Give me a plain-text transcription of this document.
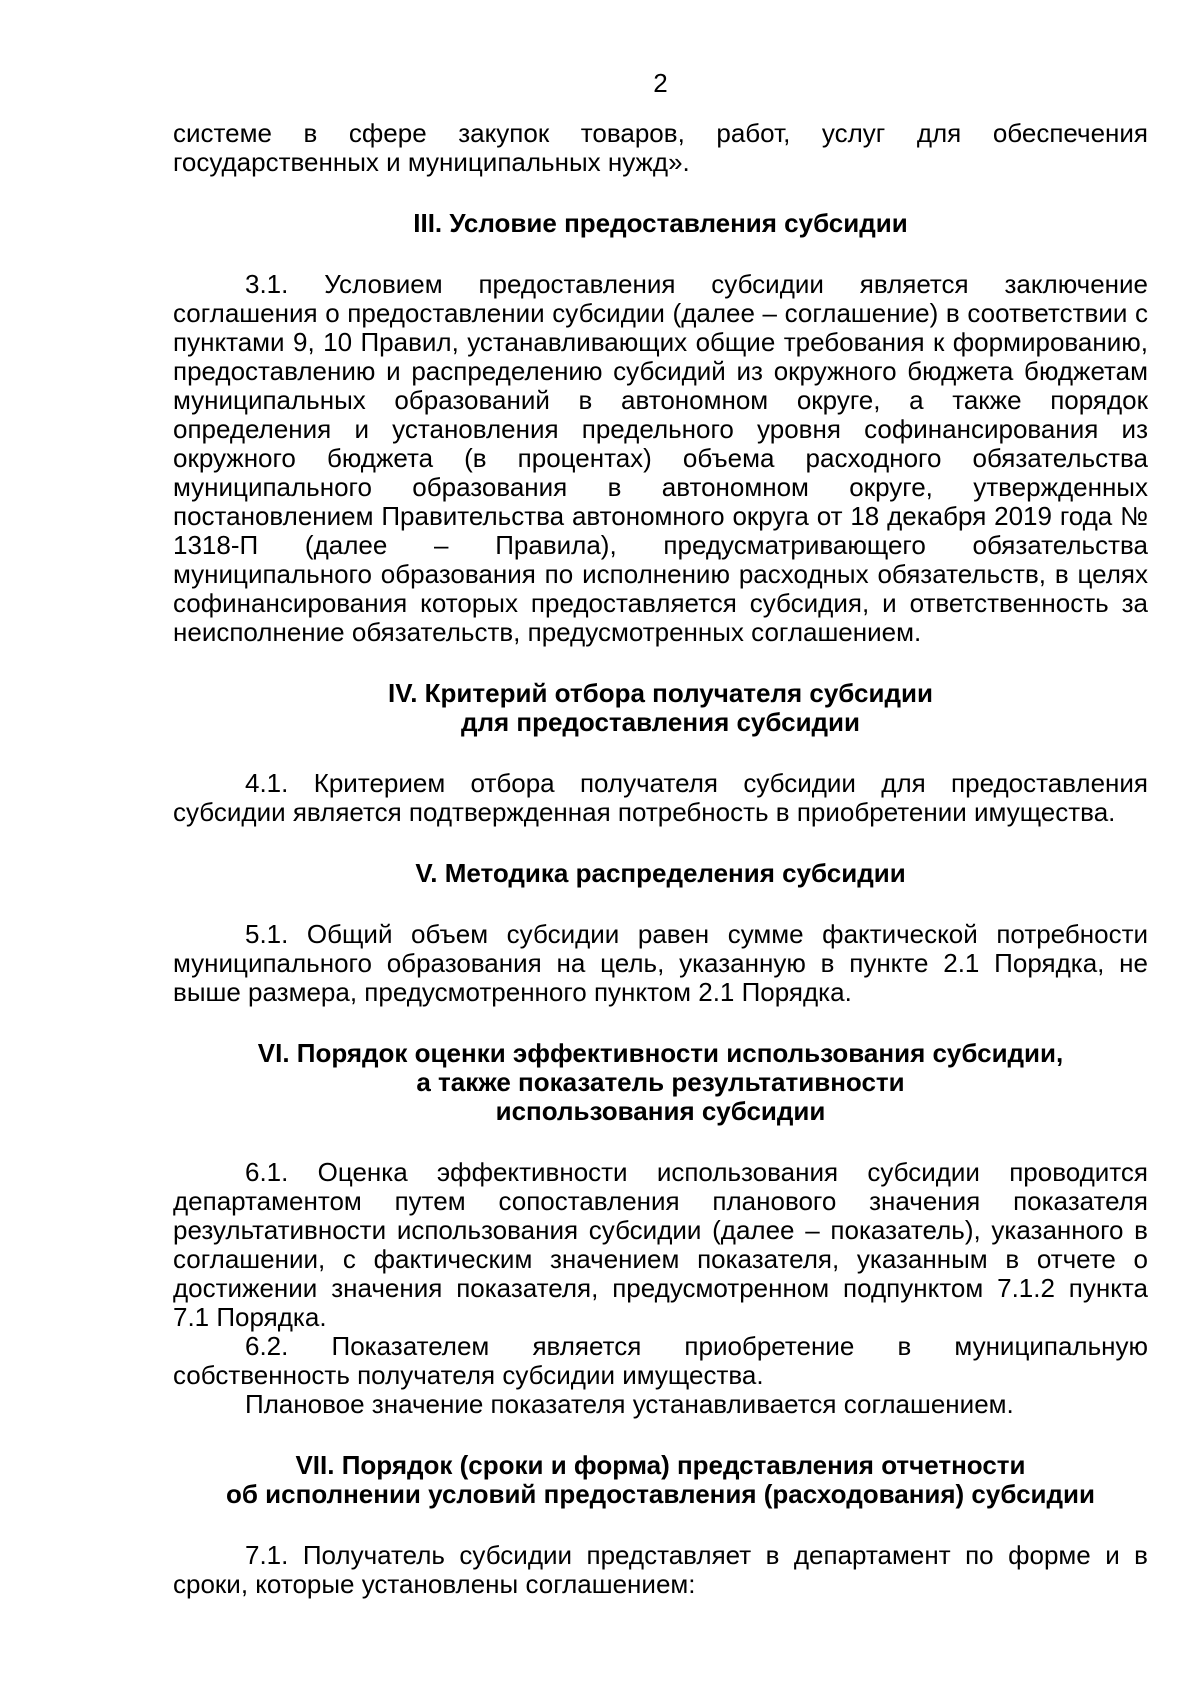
2

системе в сфере закупок товаров, работ, услуг для обеспечения государственных и муниципальных нужд».

III. Условие предоставления субсидии

3.1. Условием предоставления субсидии является заключение соглашения о предоставлении субсидии (далее – соглашение) в соответствии с пунктами 9, 10 Правил, устанавливающих общие требования к формированию, предоставлению и распределению субсидий из окружного бюджета бюджетам муниципальных образований в автономном округе, а также порядок определения и установления предельного уровня софинансирования из окружного бюджета (в процентах) объема расходного обязательства муниципального образования в автономном округе, утвержденных постановлением Правительства автономного округа от 18 декабря 2019 года № 1318-П (далее – Правила), предусматривающего обязательства муниципального образования по исполнению расходных обязательств, в целях софинансирования которых предоставляется субсидия, и ответственность за неисполнение обязательств, предусмотренных соглашением.

IV. Критерий отбора получателя субсидии
для предоставления субсидии

4.1. Критерием отбора получателя субсидии для предоставления субсидии является подтвержденная потребность в приобретении имущества.

V. Методика распределения субсидии

5.1. Общий объем субсидии равен сумме фактической потребности муниципального образования на цель, указанную в пункте 2.1 Порядка, не выше размера, предусмотренного пунктом 2.1 Порядка.

VI. Порядок оценки эффективности использования субсидии,
а также показатель результативности
использования субсидии

6.1. Оценка эффективности использования субсидии проводится департаментом путем сопоставления планового значения показателя результативности использования субсидии (далее – показатель), указанного в соглашении, с фактическим значением показателя, указанным в отчете о достижении значения показателя, предусмотренном подпунктом 7.1.2 пункта 7.1 Порядка.

6.2. Показателем является приобретение в муниципальную собственность получателя субсидии имущества.

Плановое значение показателя устанавливается соглашением.

VII. Порядок (сроки и форма) представления отчетности
об исполнении условий предоставления (расходования) субсидии

7.1. Получатель субсидии представляет в департамент по форме и в сроки, которые установлены соглашением:
